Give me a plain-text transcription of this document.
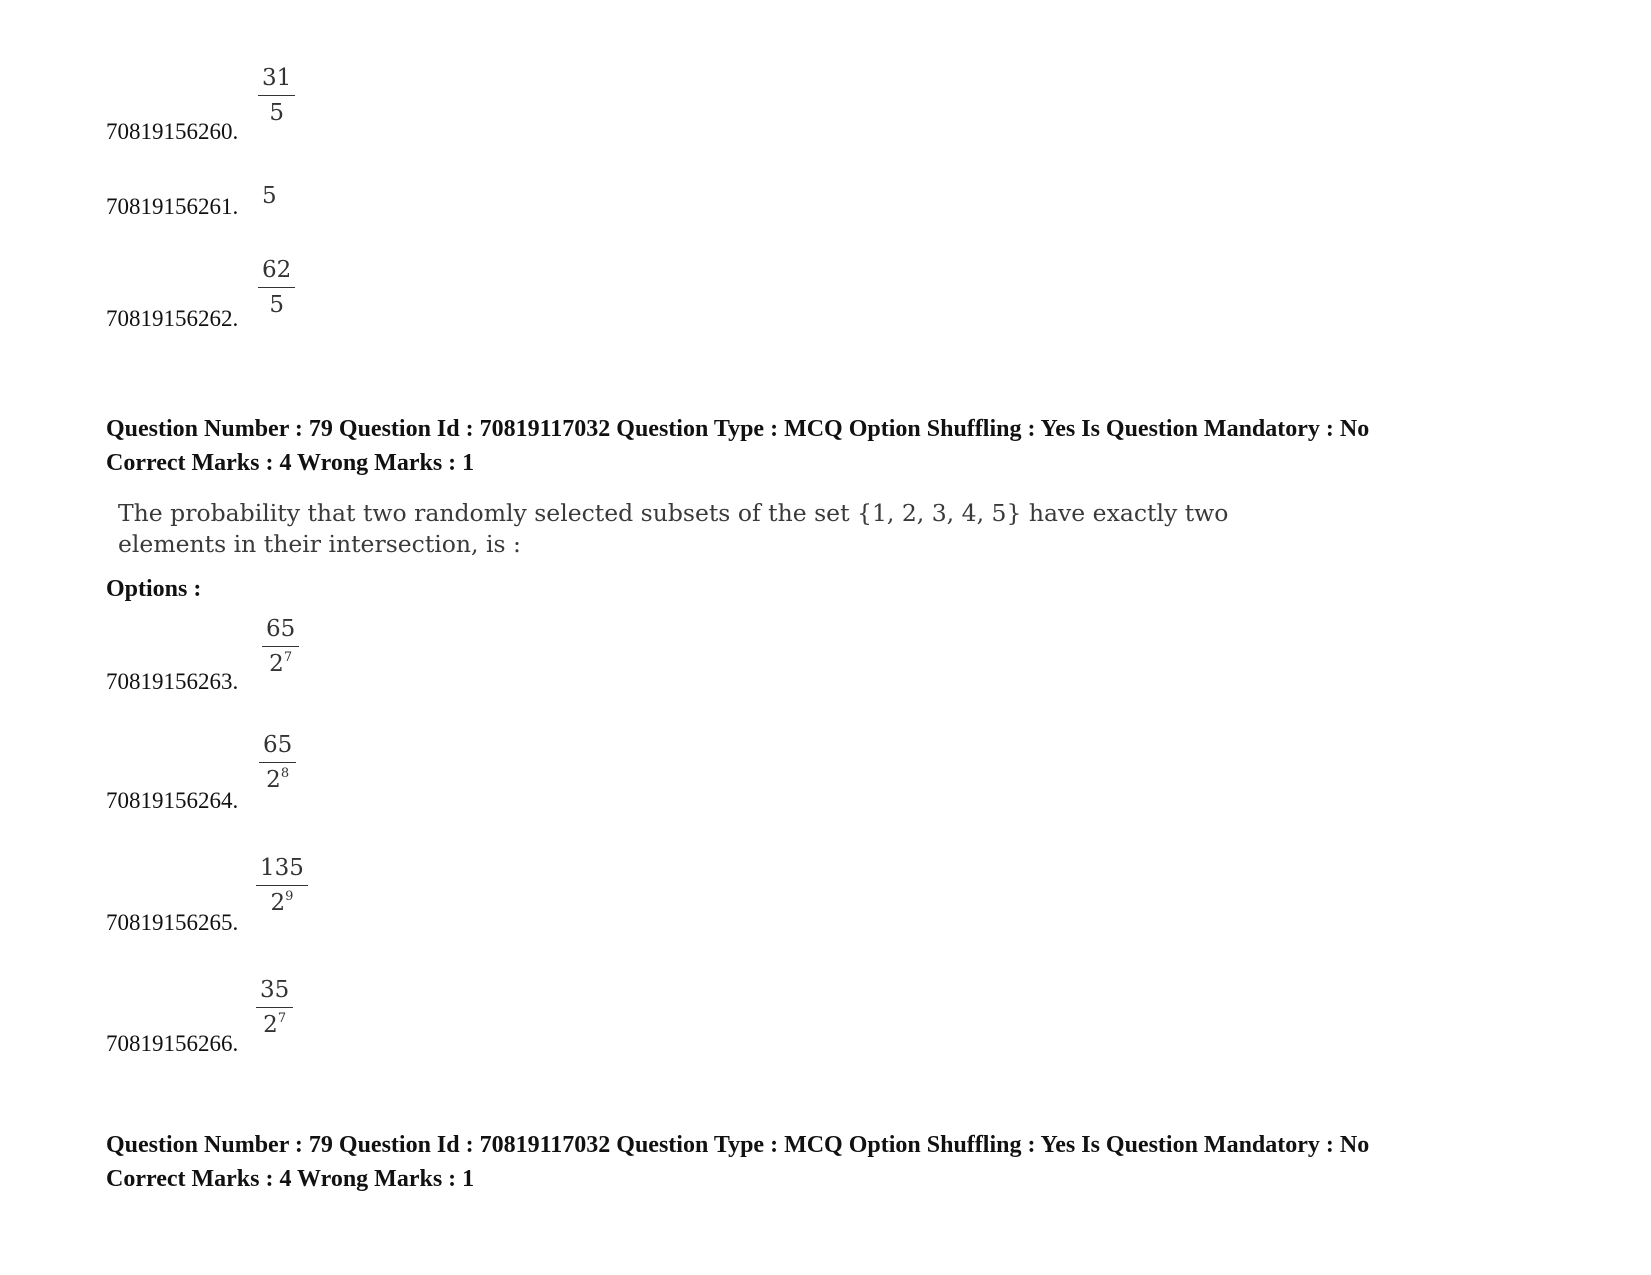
70819156260.
$\frac{31}{5}$
70819156261. 5
70819156262. $\frac{62}{5}$
Question Number : 79 Question Id : 70819117032 Question Type : MCQ Option Shuffling : Yes Is Question Mandatory : No
Correct Marks : 4 Wrong Marks : 1
The probability that two randomly selected subsets of the set {1, 2, 3, 4, 5} have exactly two elements in their intersection, is :
Options :
70819156263.
$\frac{65}{2^7}$
70819156264.
$\frac{65}{2^8}$
70819156265.
$\frac{135}{2^9}$
70819156266.
$\frac{35}{2^7}$
Question Number : 79 Question Id : 70819117032 Question Type : MCQ Option Shuffling : Yes Is Question Mandatory : No
Correct Marks : 4 Wrong Marks : 1
